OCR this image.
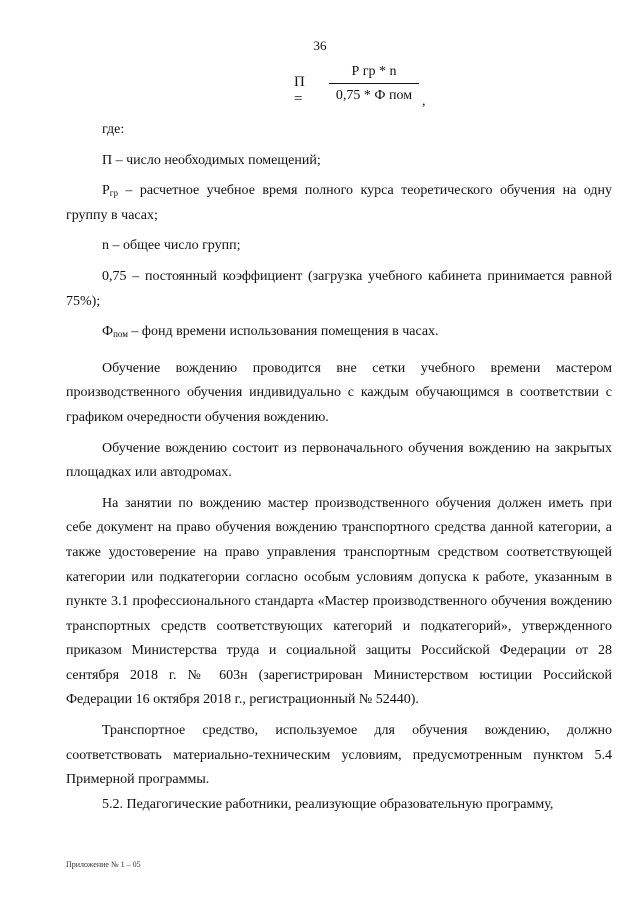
36
П =
Р гр * n
0,75 * Ф пом ,

где:

П – число необходимых помещений;

$Р_{гр}$ – расчетное учебное время полного курса теоретического обучения на одну группу в часах;

n – общее число групп;

0,75 – постоянный коэффициент (загрузка учебного кабинета принимается равной 75%);

$Ф_{пом}$ – фонд времени использования помещения в часах.

Обучение вождению проводится вне сетки учебного времени мастером производственного обучения индивидуально с каждым обучающимся в соответствии с графиком очередности обучения вождению.

Обучение вождению состоит из первоначального обучения вождению на закрытых площадках или автодромах.

На занятии по вождению мастер производственного обучения должен иметь при себе документ на право обучения вождению транспортного средства данной категории, а также удостоверение на право управления транспортным средством соответствующей категории или подкатегории согласно особым условиям допуска к работе, указанным в пункте 3.1 профессионального стандарта «Мастер производственного обучения вождению транспортных средств соответствующих категорий и подкатегорий», утвержденного приказом Министерства труда и социальной защиты Российской Федерации от 28 сентября 2018 г. № 603н (зарегистрирован Министерством юстиции Российской Федерации 16 октября 2018 г., регистрационный № 52440).

Транспортное средство, используемое для обучения вождению, должно соответствовать материально-техническим условиям, предусмотренным пунктом 5.4 Примерной программы.

5.2. Педагогические работники, реализующие образовательную программу,

Приложение № 1 – 05
